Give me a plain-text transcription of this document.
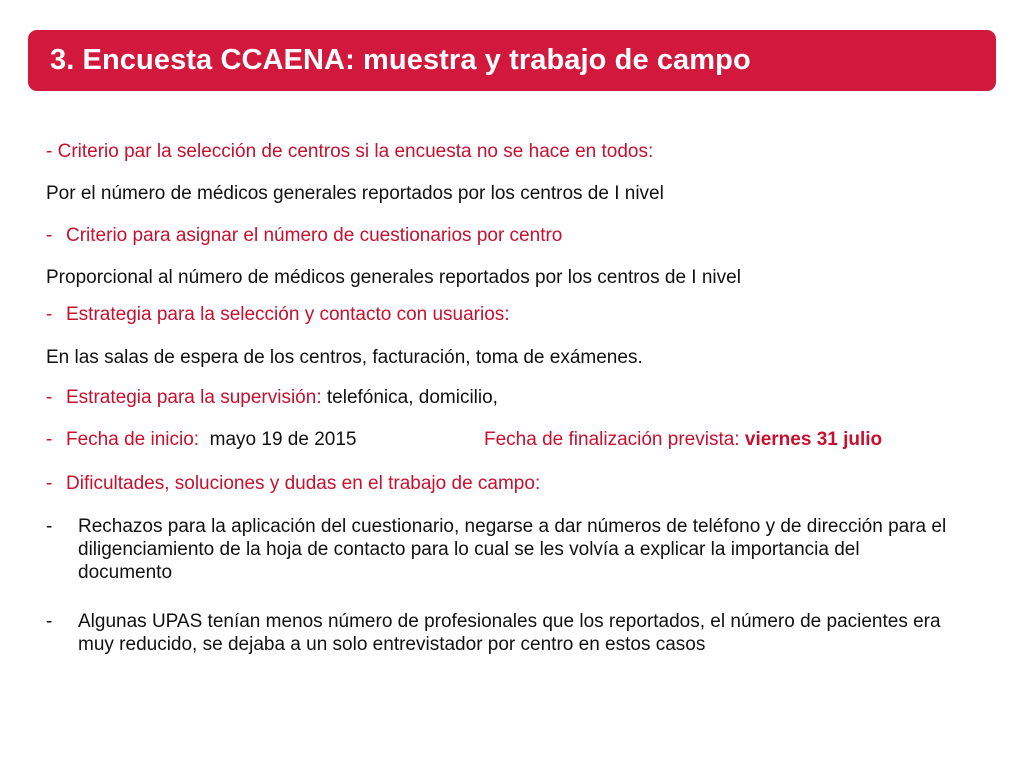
3. Encuesta CCAENA: muestra y trabajo de campo
- Criterio par la selección de centros si la encuesta no se hace en todos:
Por el número de médicos generales reportados por los centros de I nivel
- Criterio para asignar el número de cuestionarios por centro
Proporcional al número de médicos generales reportados por los centros de I nivel
- Estrategia para la selección y contacto con usuarios:
En las salas de espera de los centros, facturación, toma de exámenes.
- Estrategia para la supervisión: telefónica, domicilio,
- Fecha de inicio: mayo 19 de 2015	Fecha de finalización prevista: viernes 31 julio
- Dificultades, soluciones y dudas en el trabajo de campo:
- Rechazos para la aplicación del cuestionario, negarse a dar números de teléfono y de dirección para el diligenciamiento de la hoja de contacto para lo cual se les volvía a explicar la importancia del documento
- Algunas UPAS tenían menos número de profesionales que los reportados, el número de pacientes era muy reducido, se dejaba a un solo entrevistador por centro en estos casos
